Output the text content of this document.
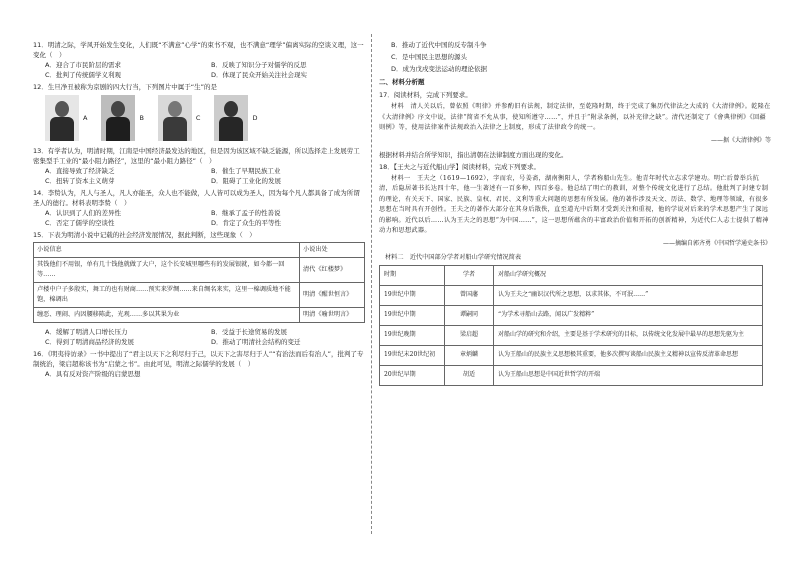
11．明清之际，学风开始发生变化，人们既“不满意”心学“的束书不观，也不满意“理学”偏离实际的空谈义理，这一变化（　）
A．迎合了市民阶层的需求	B．反映了知识分子对儒学的反思
C．批判了传统儒学义利观	D．体现了民众开始关注社会现实
12．生旦净丑被称为京剧的四大行当，下列图片中属于“生”的是
A	B	C	D
13．有学者认为，明清时期，江南是中国经济最发达的地区，但是因为该区域不缺乏能源，所以选择走上发展劳工密集型手工业的“最小阻力路径”，这里的“最小阻力路径”（　）
A．直接导致了经济缺乏	B．催生了早期民族工业
C．扭转了资本主义萌芽	D．阻碍了工业化的发展
14．李贽认为，凡人与圣人，凡人亦能圣，众人也不能做，人人皆可以成为圣人，因为每个凡人都具备了成为所谓圣人的德行。材料表明李贽（　）
A．认识到了人们的差异性	B．继承了孟子的性善说
C．否定了儒学的空谈性	D．肯定了众生的平等性
15．下表为明清小说中记载的社会经济发展情况，据此判断，这些现象（　）
小说信息	小说出处
其钱他们不用银，单有几十钱他就做了大户，这个长安城里哪些有的发展银就，如今都一回等……	清代《红楼梦》
卢楼中户子多殷实，舞工的也有财商……预实来罗绸……来自绸名来实，这里一棉调质地不能饱，棉调出	明清《醒世恒言》
缠恶、理闹、内因腰移陈此，光观……多以其果为业	明清《喻世明言》
A．缓解了明清人口增长压力	B．受益于长途贸易的发展
C．得到了明清商品经济的发展	D．推动了明清社会结构的变迁
16．《明夷待访录》一书中提出了“君主以天下之利尽归于己，以天下之害尽归于人”“有治法而后有治人”，批判了专制统治，梁启超称该书为“启蒙之书”。由此可见，明清之际儒学的发展（　）
A．具有反对资产阶级的启蒙思想
B．推动了近代中国的反专制斗争
C．是中国民主思想的源头
D．成为戊戌变法运动的理论依据
二、材料分析题
17．阅读材料，完成下列要求。
材料　清人关以后，曾依照《明律》并参酌旧有法规，制定法律，至乾隆时期，终于完成了集历代律法之大成的《大清律例》。乾隆在《大清律例》序文中说，法律“简省不允从事，使知所遵守……”，并且于“附录条例，以补充律之缺”。清代还制定了《會典律例》《回疆則例》等，使用法律案件法规政治入法律之上制度，形成了法律政令的统一。
——据《大清律例》等
根据材料并结合所学知识，指出清朝在法律制度方面出现的变化。
18．【王夫之与近代船山学】阅读材料，完成下列要求。
材料一　王夫之（1619—1692），字而农，号姜斋，湖南衡阳人，学者称船山先生。他青年时代立志求学建功。明亡后曾举兵抗清，后隐居著书长达四十年，他一生著述有一百多种，四百多卷。他总结了明亡的教训，对整个传统文化进行了总结。他批判了封建专制的理论，有关天下、国家、民族、皇权、君民、义利等重大问题的思想有所发展。他的著作涉及天文、历法、数学、地理等领域，有很多思想在当时具有开创性。王夫之的著作大部分在其身后散佚，直至道光中后期才受到关注和重视，他的学说对后来的学术思想产生了深远的影响。近代以后……认为王夫之的思想“为中国……”，这一思想所蕴含的丰富政治价值和开拓的创新精神，为近代仁人志士提供了精神动力和思想武器。
——摘编自郭齐勇《中国哲学通史条书》
材料二　近代中国部分学者对船山学研究情况简表
时期	学者	对船山学研究概况
19世纪中期	曾国藩	认为王夫之“幽识汉代所之思想，以求其体，不可泯……”
19世纪中期	谭嗣同	“为学术寻船山去路，闻以广发精粹”
19世纪晚期	梁启超	对船山学的研究和介绍，主要是基于学术研究的目标，以传统文化发展中最早的思想先驱为主
19世纪末20世纪初	章炳麟	认为王船山的民族主义思想极其重要，他多次撰写谈船山民族主义精神以宣传反清革命思想
20世纪早期	胡适	认为王船山思想是中国近世哲学的开端
